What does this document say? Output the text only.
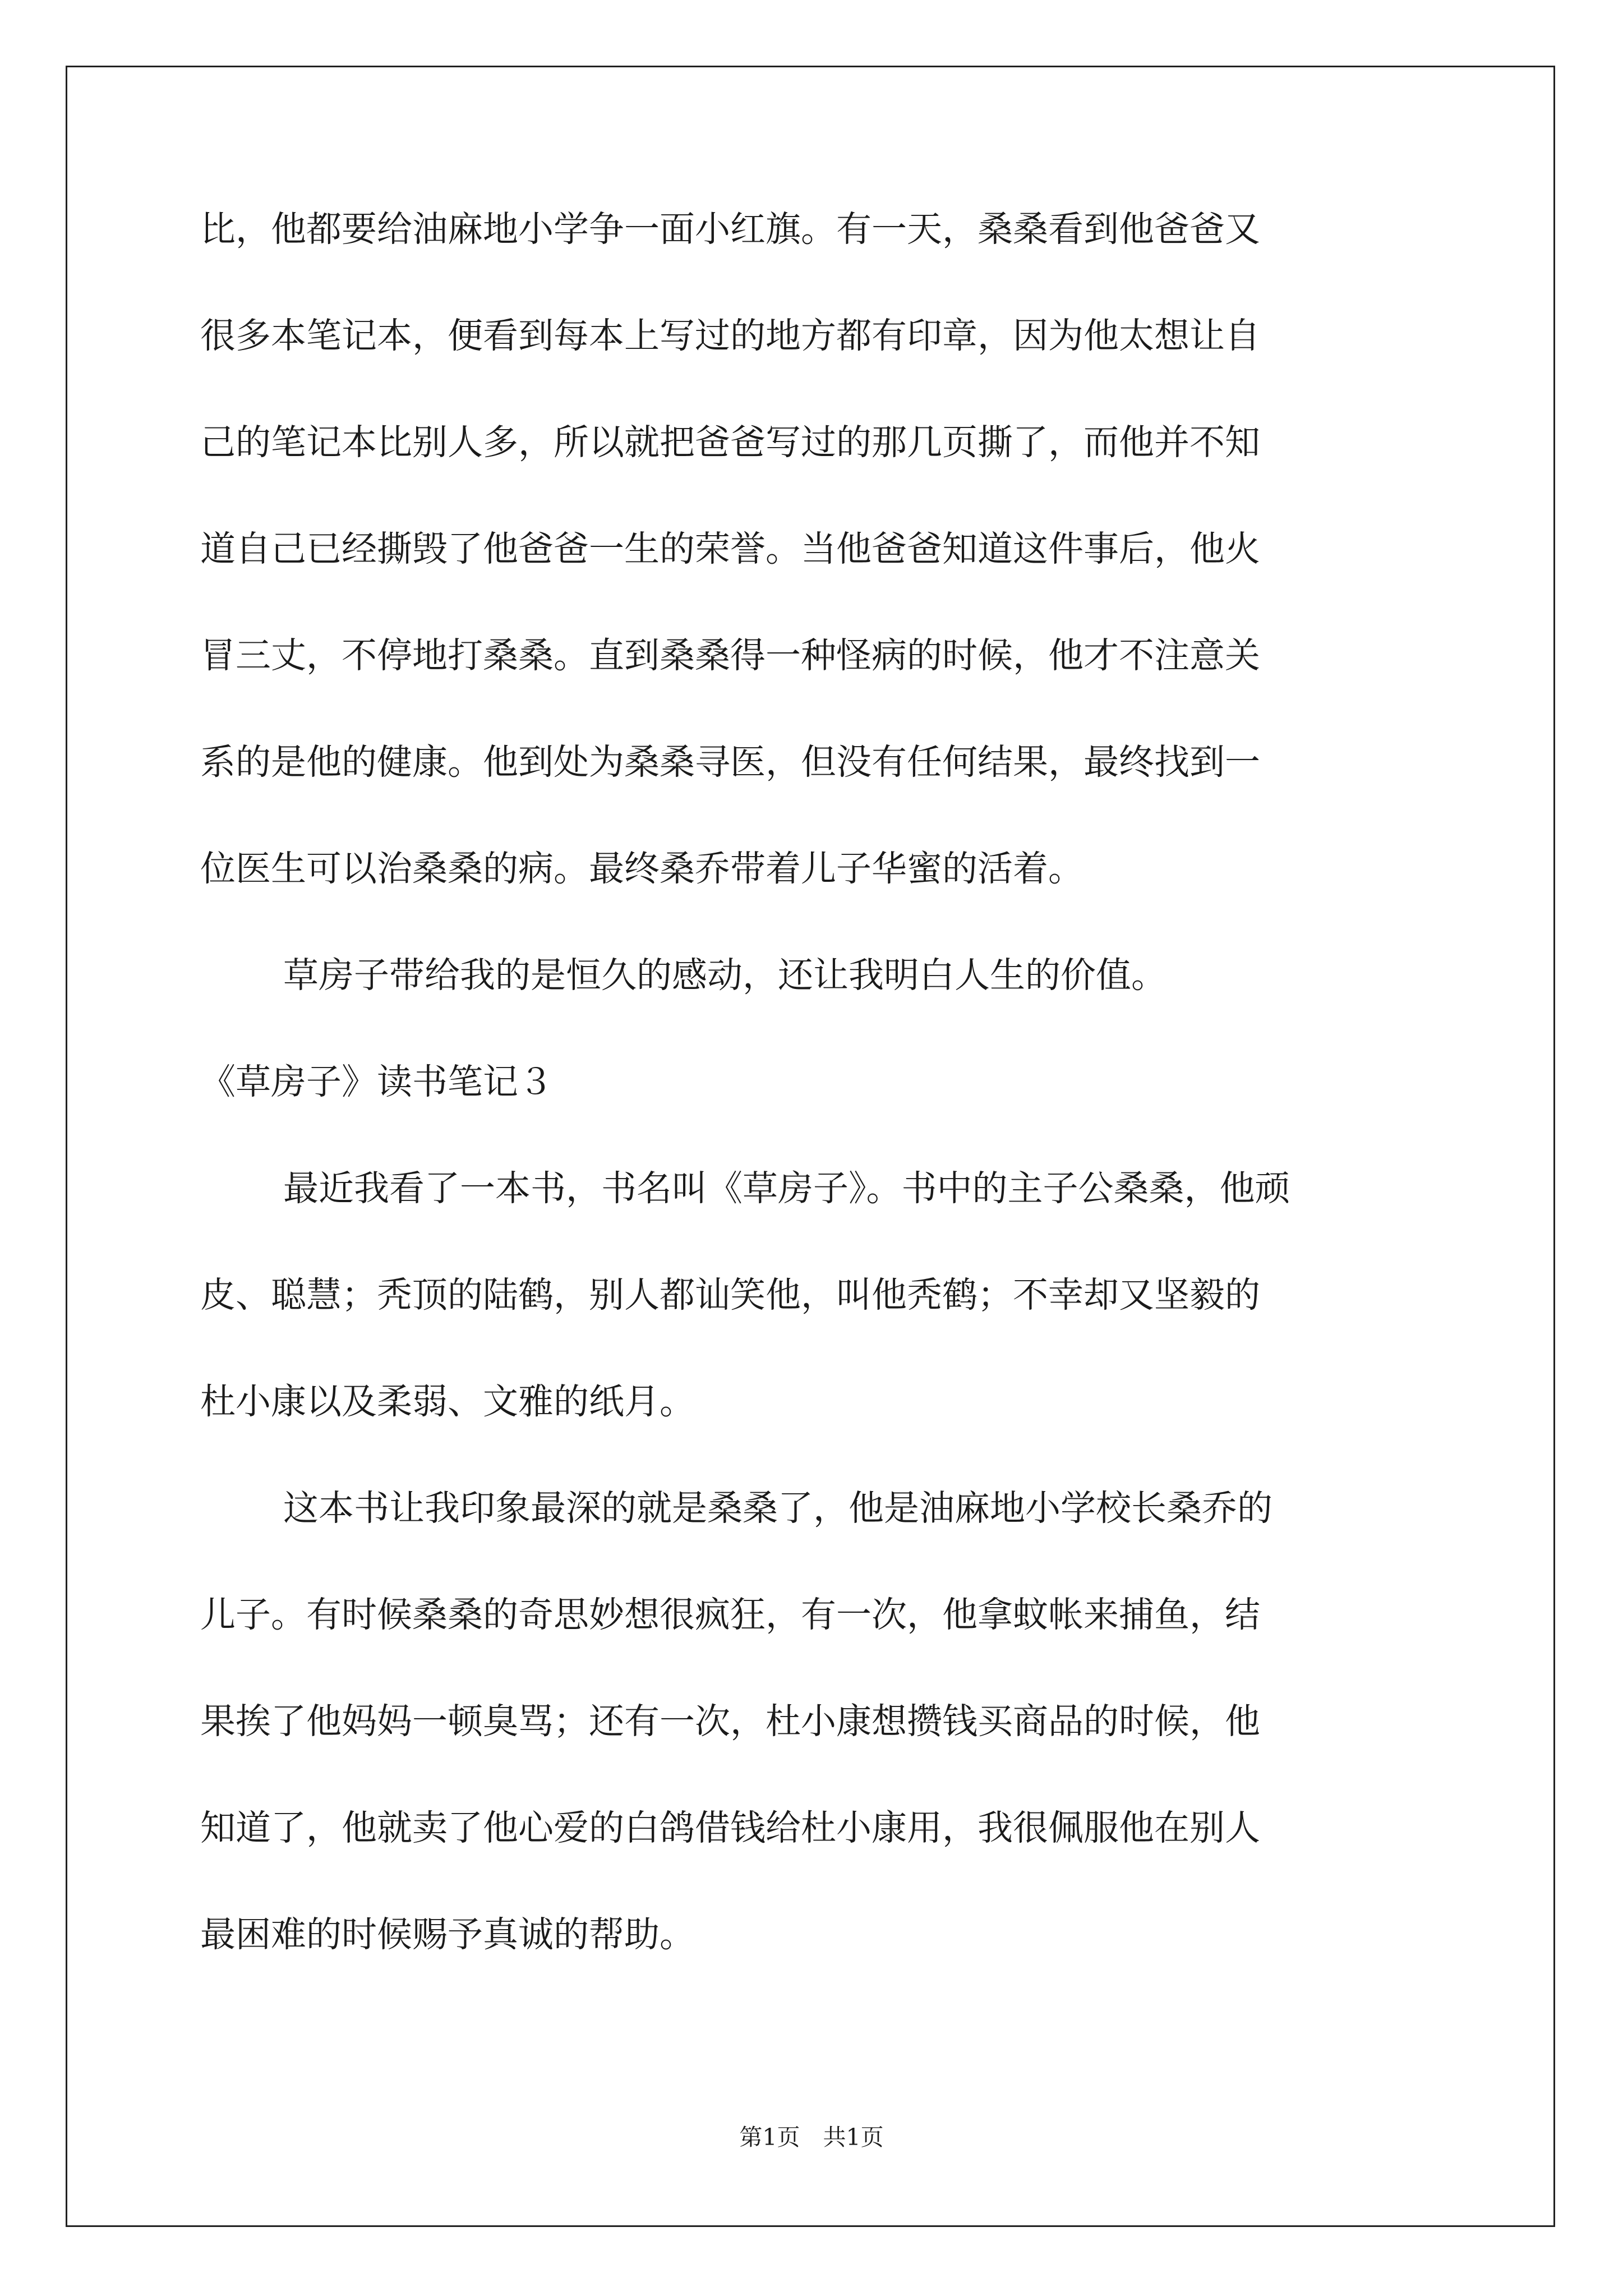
比，他都要给油麻地小学争一面小红旗。有一天，桑桑看到他爸爸又
很多本笔记本，便看到每本上写过的地方都有印章，因为他太想让自
己的笔记本比别人多，所以就把爸爸写过的那几页撕了，而他并不知
道自己已经撕毁了他爸爸一生的荣誉。当他爸爸知道这件事后，他火
冒三丈，不停地打桑桑。直到桑桑得一种怪病的时候，他才不注意关
系的是他的健康。他到处为桑桑寻医，但没有任何结果，最终找到一
位医生可以治桑桑的病。最终桑乔带着儿子华蜜的活着。
草房子带给我的是恒久的感动，还让我明白人生的价值。
《草房子》读书笔记３
最近我看了一本书，书名叫《草房子》。书中的主子公桑桑，他顽
皮、聪慧；秃顶的陆鹤，别人都讪笑他，叫他秃鹤；不幸却又坚毅的
杜小康以及柔弱、文雅的纸月。
这本书让我印象最深的就是桑桑了，他是油麻地小学校长桑乔的
儿子。有时候桑桑的奇思妙想很疯狂，有一次，他拿蚊帐来捕鱼，结
果挨了他妈妈一顿臭骂；还有一次，杜小康想攒钱买商品的时候，他
知道了，他就卖了他心爱的白鸽借钱给杜小康用，我很佩服他在别人
最困难的时候赐予真诚的帮助。
第1页　共1页
